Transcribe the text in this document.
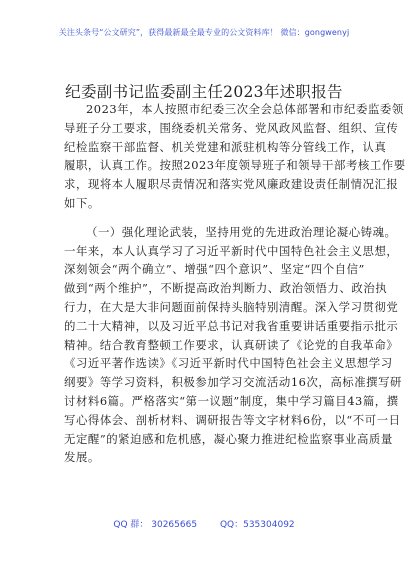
关注头条号“公文研究”，获得最新最全最专业的公文资料库！ 微信：gongwenyj
纪委副书记监委副主任2023年述职报告
2023年，本人按照市纪委三次全会总体部署和市纪委监委领
导班子分工要求，围绕委机关常务、党风政风监督、组织、宣传
纪检监察干部监督、机关党建和派驻机构等分管线工作，认真
履职，认真工作。按照2023年度领导班子和领导干部考核工作要
求，现将本人履职尽责情况和落实党风廉政建设责任制情况汇报
如下。
（一）强化理论武装，坚持用党的先进政治理论凝心铸魂。
一年来，本人认真学习了习近平新时代中国特色社会主义思想，
深刻领会“两个确立”、增强“四个意识”、坚定“四个自信”
做到“两个维护”，不断提高政治判断力、政治领悟力、政治执
行力，在大是大非问题面前保持头脑特别清醒。深入学习贯彻党
的二十大精神，以及习近平总书记对我省重要讲话重要指示批示
精神。结合教育整顿工作要求，认真研读了《论党的自我革命》
《习近平著作选读》《习近平新时代中国特色社会主义思想学习
纲要》等学习资料，积极参加学习交流活动16次，高标准撰写研
讨材料6篇。严格落实“第一议题”制度，集中学习篇目43篇，撰
写心得体会、剖析材料、调研报告等文字材料6份，以“不可一日
无定醒”的紧迫感和危机感，凝心聚力推进纪检监察事业高质量
发展。
QQ 群： 30265665	QQ：535304092
